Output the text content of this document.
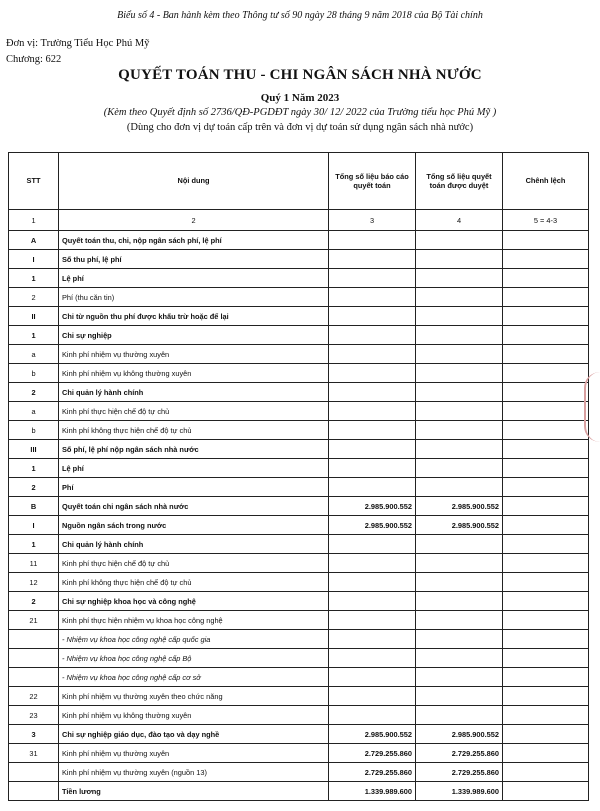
Biểu số 4 - Ban hành kèm theo Thông tư số 90 ngày 28 tháng 9 năm 2018 của Bộ Tài chính
Đơn vị: Trường Tiểu Học Phú Mỹ
Chương: 622
QUYẾT TOÁN THU - CHI NGÂN SÁCH NHÀ NƯỚC
Quý 1 Năm 2023
(Kèm theo Quyết định số 2736/QĐ-PGDĐT ngày 30/ 12/ 2022 của Trường tiểu học Phú Mỹ )
(Dùng cho đơn vị dự toán cấp trên và đơn vị dự toán sử dụng ngân sách nhà nước)
STT	Nội dung	Tổng số liệu báo cáo quyết toán	Tổng số liệu quyết toán được duyệt	Chênh lệch
1	2	3	4	5 = 4-3
A	Quyết toán thu, chi, nộp ngân sách phí, lệ phí			
I	Số thu phí, lệ phí			
1	Lệ phí			
2	Phí (thu căn tin)			
II	Chi từ nguồn thu phí được khấu trừ hoặc để lại			
1	Chi sự nghiệp			
a	Kinh phí nhiệm vụ thường xuyên			
b	Kinh phí nhiệm vụ không thường xuyên			
2	Chi quản lý hành chính			
a	Kinh phí thực hiện chế độ tự chủ			
b	Kinh phí không thực hiện chế độ tự chủ			
III	Số phí, lệ phí nộp ngân sách nhà nước			
1	Lệ phí			
2	Phí			
B	Quyết toán chi ngân sách nhà nước	2.985.900.552	2.985.900.552	
I	Nguồn ngân sách trong nước	2.985.900.552	2.985.900.552	
1	Chi quản lý hành chính			
11	Kinh phí thực hiện chế độ tự chủ			
12	Kinh phí không thực hiện chế độ tự chủ			
2	Chi sự nghiệp khoa học và công nghệ			
21	Kinh phí thực hiện nhiệm vụ khoa học công nghệ			
	- Nhiệm vụ khoa học công nghệ cấp quốc gia			
	- Nhiệm vụ khoa học công nghệ cấp Bộ			
	- Nhiệm vụ khoa học công nghệ cấp cơ sở			
22	Kinh phí nhiệm vụ thường xuyên theo chức năng			
23	Kinh phí nhiệm vụ không thường xuyên			
3	Chi sự nghiệp giáo dục, đào tạo và dạy nghề	2.985.900.552	2.985.900.552	
31	Kinh phí nhiệm vụ thường xuyên	2.729.255.860	2.729.255.860	
	Kinh phí nhiệm vụ thường xuyên (nguồn 13)	2.729.255.860	2.729.255.860	
	Tiền lương	1.339.989.600	1.339.989.600	
